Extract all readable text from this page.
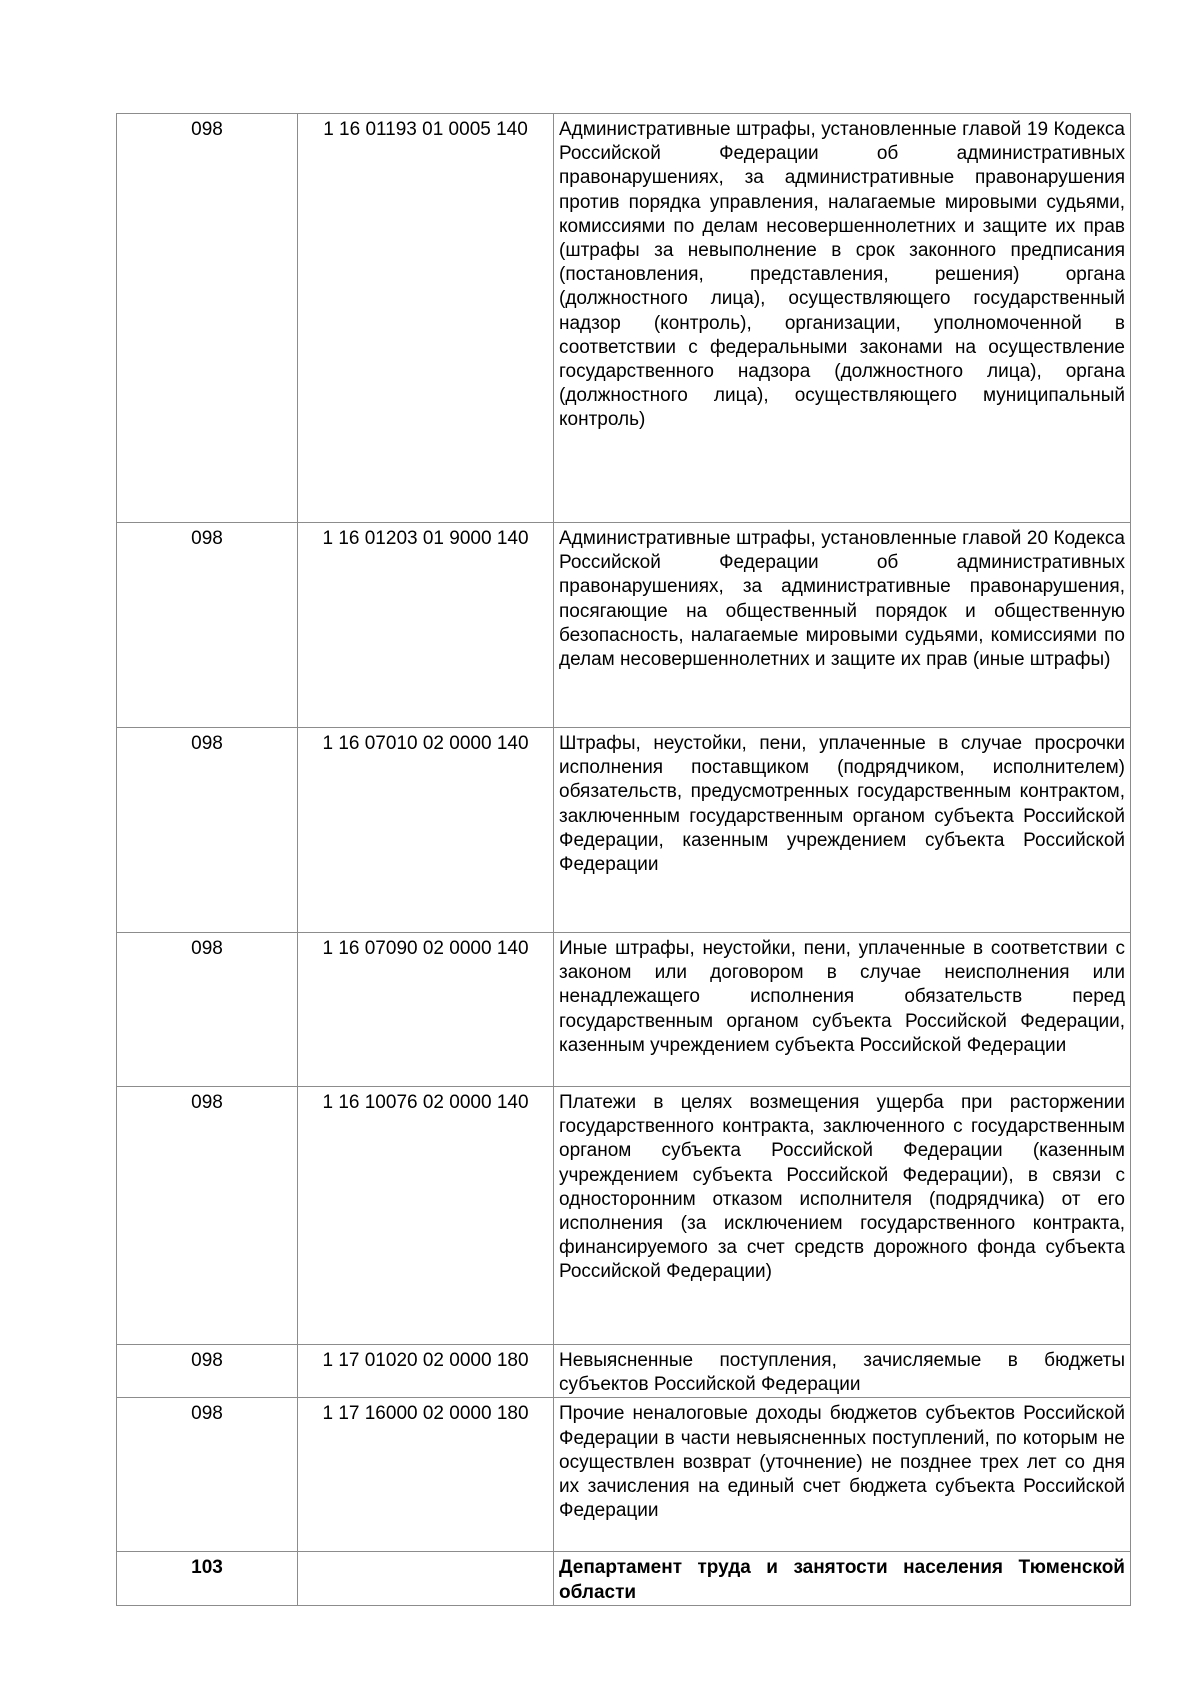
098	1 16 01193 01 0005 140	Административные штрафы, установленные главой 19 Кодекса Российской Федерации об административных правонарушениях, за административные правонарушения против порядка управления, налагаемые мировыми судьями, комиссиями по делам несовершеннолетних и защите их прав (штрафы за невыполнение в срок законного предписания (постановления, представления, решения) органа (должностного лица), осуществляющего государственный надзор (контроль), организации, уполномоченной в соответствии с федеральными законами на осуществление государственного надзора (должностного лица), органа (должностного лица), осуществляющего муниципальный контроль)
098	1 16 01203 01 9000 140	Административные штрафы, установленные главой 20 Кодекса Российской Федерации об административных правонарушениях, за административные правонарушения, посягающие на общественный порядок и общественную безопасность, налагаемые мировыми судьями, комиссиями по делам несовершеннолетних и защите их прав (иные штрафы)
098	1 16 07010 02 0000 140	Штрафы, неустойки, пени, уплаченные в случае просрочки исполнения поставщиком (подрядчиком, исполнителем) обязательств, предусмотренных государственным контрактом, заключенным государственным органом субъекта Российской Федерации, казенным учреждением субъекта Российской Федерации
098	1 16 07090 02 0000 140	Иные штрафы, неустойки, пени, уплаченные в соответствии с законом или договором в случае неисполнения или ненадлежащего исполнения обязательств перед государственным органом субъекта Российской Федерации, казенным учреждением субъекта Российской Федерации
098	1 16 10076 02 0000 140	Платежи в целях возмещения ущерба при расторжении государственного контракта, заключенного с государственным органом субъекта Российской Федерации (казенным учреждением субъекта Российской Федерации), в связи с односторонним отказом исполнителя (подрядчика) от его исполнения (за исключением государственного контракта, финансируемого за счет средств дорожного фонда субъекта Российской Федерации)
098	1 17 01020 02 0000 180	Невыясненные поступления, зачисляемые в бюджеты субъектов Российской Федерации
098	1 17 16000 02 0000 180	Прочие неналоговые доходы бюджетов субъектов Российской Федерации в части невыясненных поступлений, по которым не осуществлен возврат (уточнение) не позднее трех лет со дня их зачисления на единый счет бюджета субъекта Российской Федерации
103		Департамент труда и занятости населения Тюменской области
